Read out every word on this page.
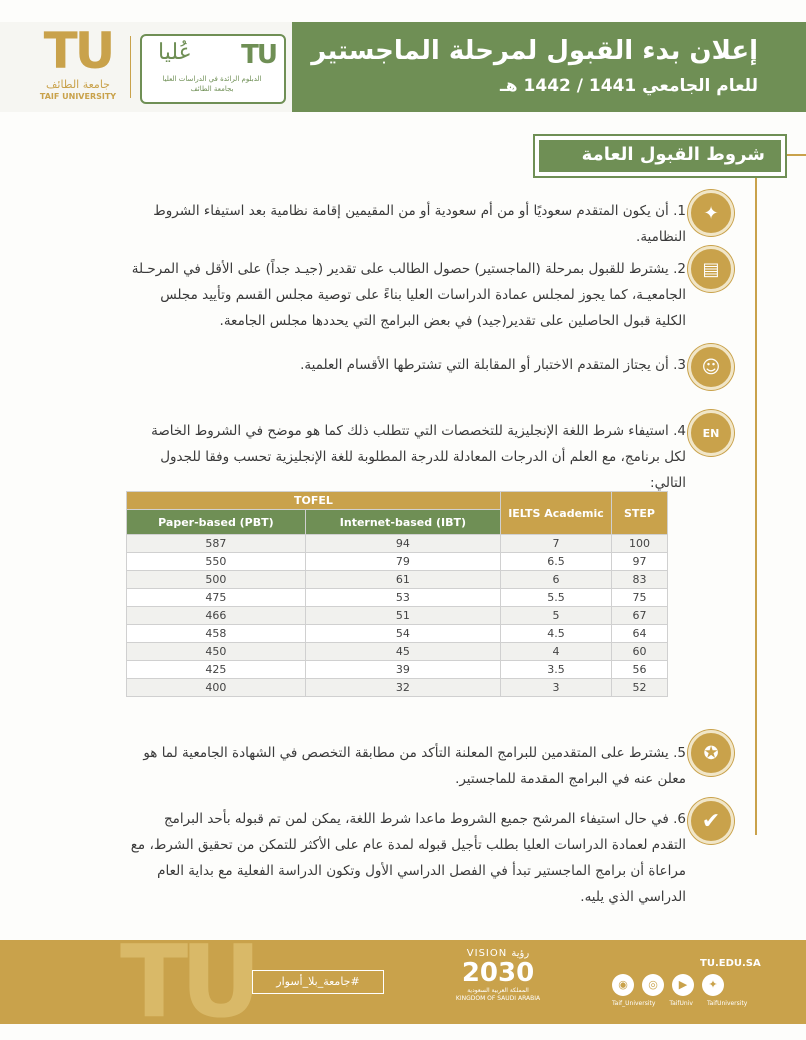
TU
جامعة الطائف
TAIF UNIVERSITY
عُليا TU
الدبلوم الرائدة في الدراسات العليا بجامعة الطائف
إعلان بدء القبول لمرحلة الماجستير
للعام الجامعي 1441 / 1442 هـ
شروط القبول العامة
✦
1. أن يكون المتقدم سعوديًا أو من أم سعودية أو من المقيمين إقامة نظامية بعد استيفاء الشروط النظامية.
▤
2. يشترط للقبول بمرحلة (الماجستير) حصول الطالب على تقدير (جيـد جداً) على الأقل في المرحـلة الجامعيـة، كما يجوز لمجلس عمادة الدراسات العليا بناءً على توصية مجلس القسم وتأييد مجلس الكلية قبول الحاصلين على تقدير(جيد) في بعض البرامج التي يحددها مجلس الجامعة.
☺
3. أن يجتاز المتقدم الاختبار أو المقابلة التي تشترطها الأقسام العلمية.
EN
4. استيفاء شرط اللغة الإنجليزية للتخصصات التي تتطلب ذلك كما هو موضح في الشروط الخاصة لكل برنامج، مع العلم أن الدرجات المعادلة للدرجة المطلوبة للغة الإنجليزية تحسب وفقا للجدول التالي:
TOFEL		IELTS Academic	STEP
Paper-based (PBT)	Internet-based (IBT)		
587	94	7	100
550	79	6.5	97
500	61	6	83
475	53	5.5	75
466	51	5	67
458	54	4.5	64
450	45	4	60
425	39	3.5	56
400	32	3	52
✪
5. يشترط على المتقدمين للبرامج المعلنة التأكد من مطابقة التخصص في الشهادة الجامعية لما هو معلن عنه في البرامج المقدمة للماجستير.
✔
6. في حال استيفاء المرشح جميع الشروط ماعدا شرط اللغة، يمكن لمن تم قبوله بأحد البرامج التقدم لعمادة الدراسات العليا بطلب تأجيل قبوله لمدة عام على الأكثر للتمكن من تحقيق الشرط، مع مراعاة أن برامج الماجستير تبدأ في الفصل الدراسي الأول وتكون الدراسة الفعلية مع بداية العام الدراسي الذي يليه.
TU	#جامعة_بلا_أسوار
VISION رؤية
2030
المملكة العربية السعودية KINGDOM OF SAUDI ARABIA
TU.EDU.SA
◉	◎	▶	✦
Taif_University TaifUniv TaifUniversity
